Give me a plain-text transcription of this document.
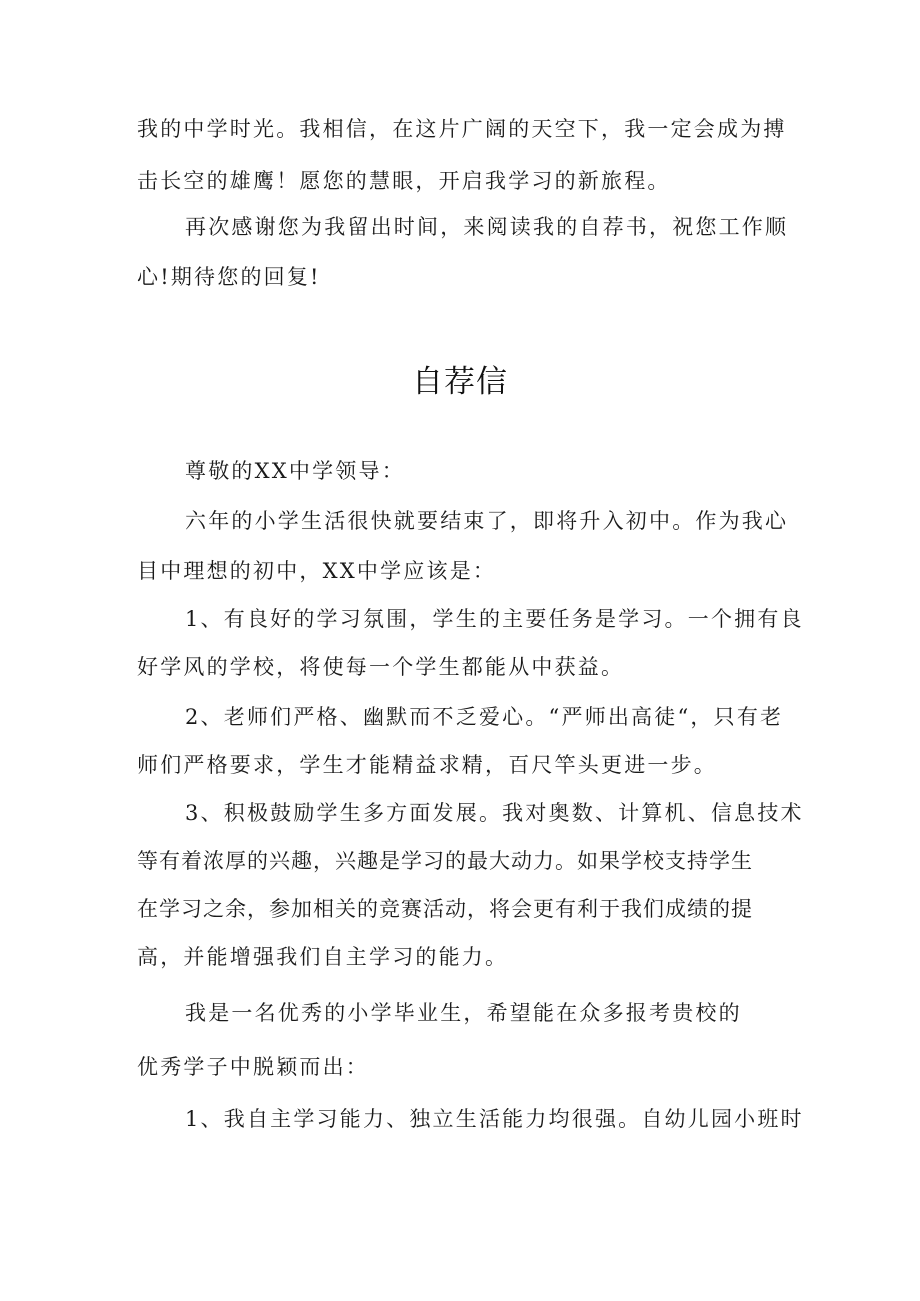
我的中学时光。我相信，在这片广阔的天空下，我一定会成为搏
击长空的雄鹰！愿您的慧眼，开启我学习的新旅程。
再次感谢您为我留出时间，来阅读我的自荐书，祝您工作顺
心!期待您的回复!
自荐信
尊敬的XX中学领导：
六年的小学生活很快就要结束了，即将升入初中。作为我心
目中理想的初中，XX中学应该是：
1、有良好的学习氛围，学生的主要任务是学习。一个拥有良
好学风的学校，将使每一个学生都能从中获益。
2、老师们严格、幽默而不乏爱心。“严师出高徒“，只有老
师们严格要求，学生才能精益求精，百尺竿头更进一步。
3、积极鼓励学生多方面发展。我对奥数、计算机、信息技术
等有着浓厚的兴趣，兴趣是学习的最大动力。如果学校支持学生
在学习之余，参加相关的竞赛活动，将会更有利于我们成绩的提
高，并能增强我们自主学习的能力。
我是一名优秀的小学毕业生，希望能在众多报考贵校的
优秀学子中脱颖而出：
1、我自主学习能力、独立生活能力均很强。自幼儿园小班时
